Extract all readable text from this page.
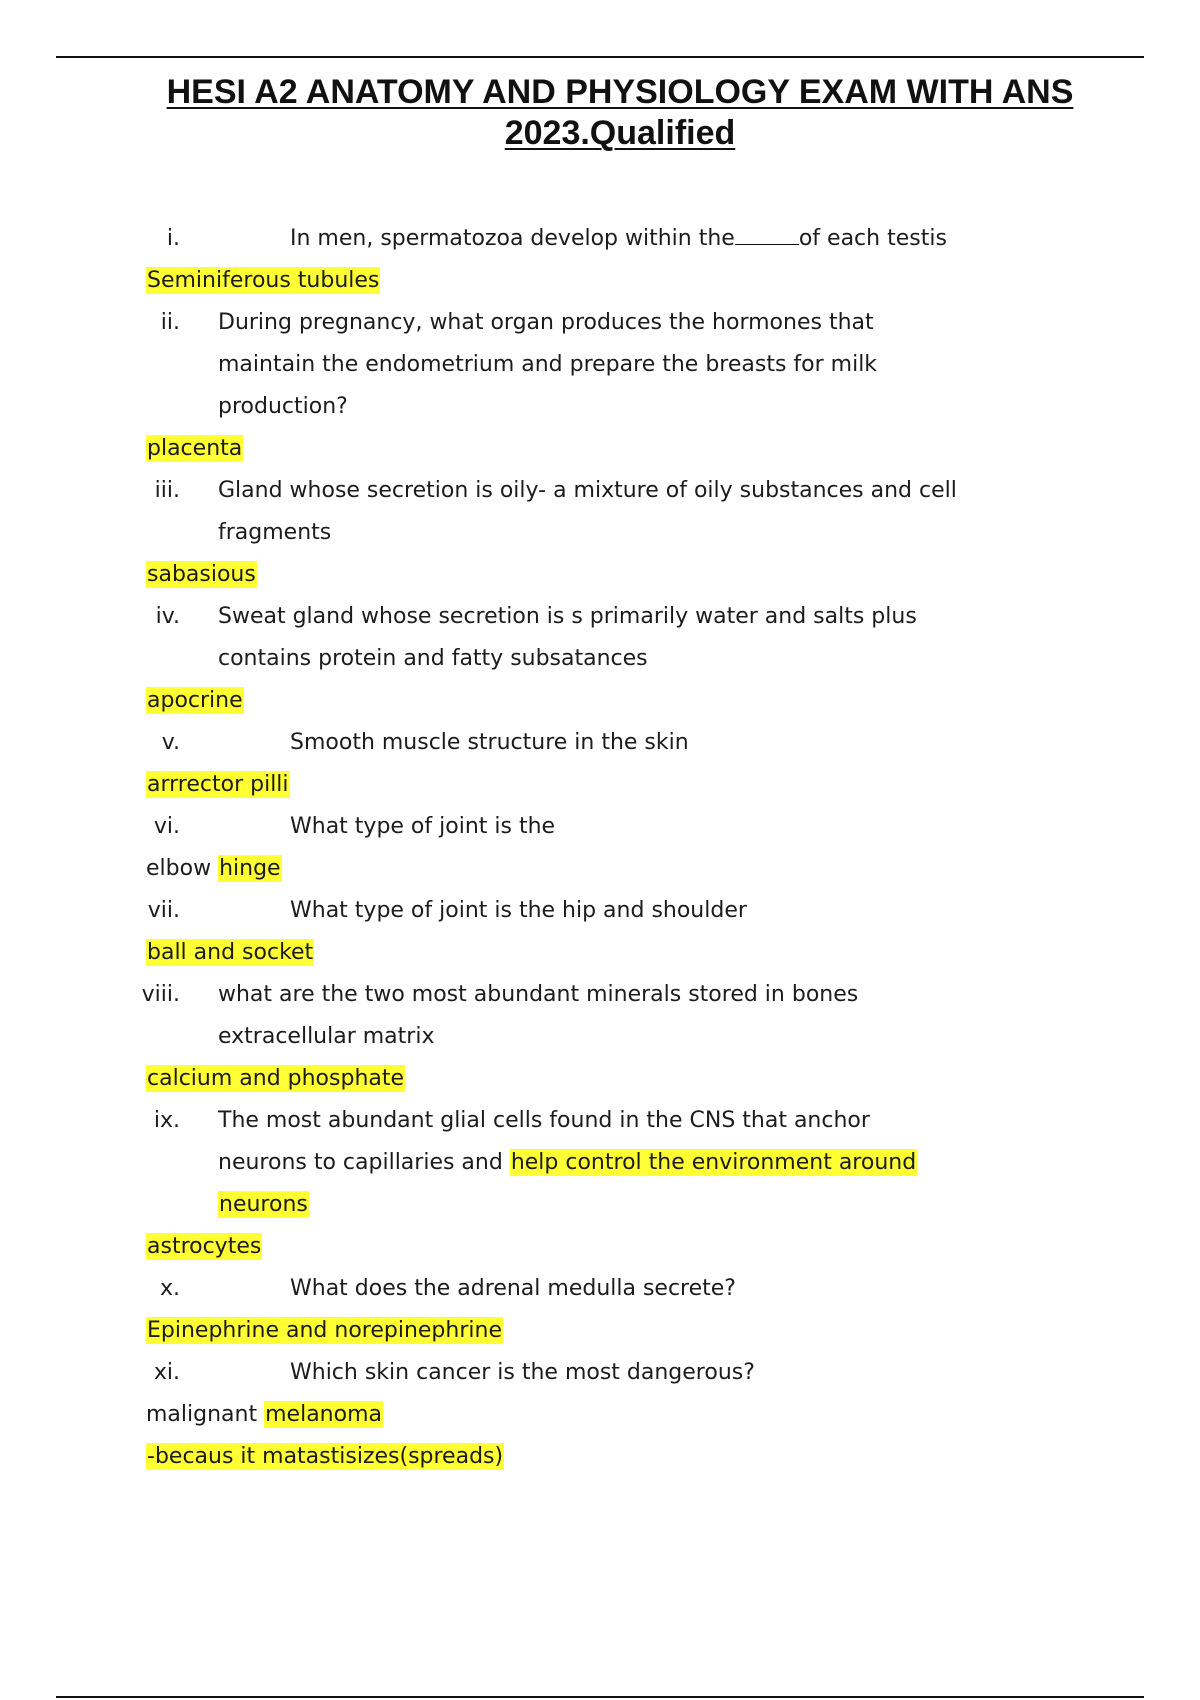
HESI A2 ANATOMY AND PHYSIOLOGY EXAM WITH ANS
2023.Qualified
i.	In men, spermatozoa develop within the	of each testis
Seminiferous tubules
ii. During pregnancy, what organ produces the hormones that
maintain the endometrium and prepare the breasts for milk
production?
placenta
iii. Gland whose secretion is oily- a mixture of oily substances and cell
fragments
sabasious
iv. Sweat gland whose secretion is s primarily water and salts plus
contains protein and fatty subsatances
apocrine
v.	Smooth muscle structure in the skin
arrrector pilli
vi.	What type of joint is the
elbow hinge
vii.	What type of joint is the hip and shoulder
ball and socket
viii. what are the two most abundant minerals stored in bones
extracellular matrix
calcium and phosphate
ix. The most abundant glial cells found in the CNS that anchor
neurons to capillaries and help control the environment around
neurons
astrocytes
x.	What does the adrenal medulla secrete?
Epinephrine and norepinephrine
xi.	Which skin cancer is the most dangerous?
malignant melanoma
-becaus it matastisizes(spreads)
